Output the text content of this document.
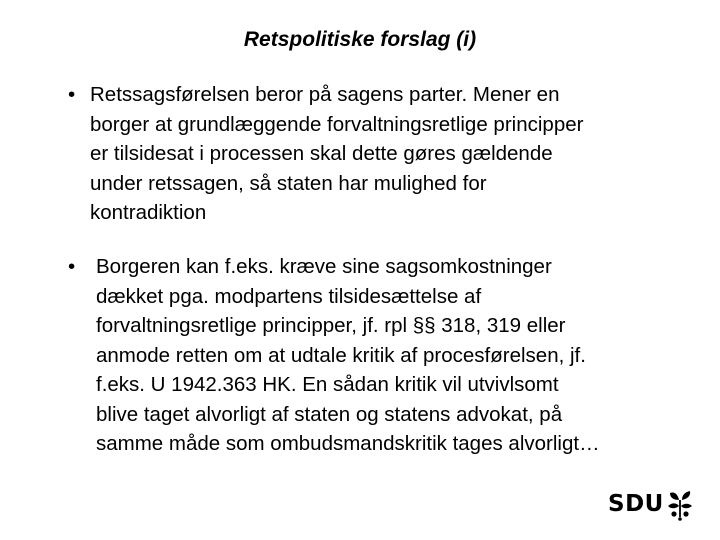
Retspolitiske forslag (i)
• Retssagsførelsen beror på sagens parter. Mener en
borger at grundlæggende forvaltningsretlige principper
er tilsidesat i processen skal dette gøres gældende
under retssagen, så staten har mulighed for
kontradiktion
• Borgeren kan f.eks. kræve sine sagsomkostninger
dækket pga. modpartens tilsidesættelse af
forvaltningsretlige principper, jf. rpl §§ 318, 319 eller
anmode retten om at udtale kritik af procesførelsen, jf.
f.eks. U 1942.363 HK. En sådan kritik vil utvivlsomt
blive taget alvorligt af staten og statens advokat, på
samme måde som ombudsmandskritik tages alvorligt…
SDU
